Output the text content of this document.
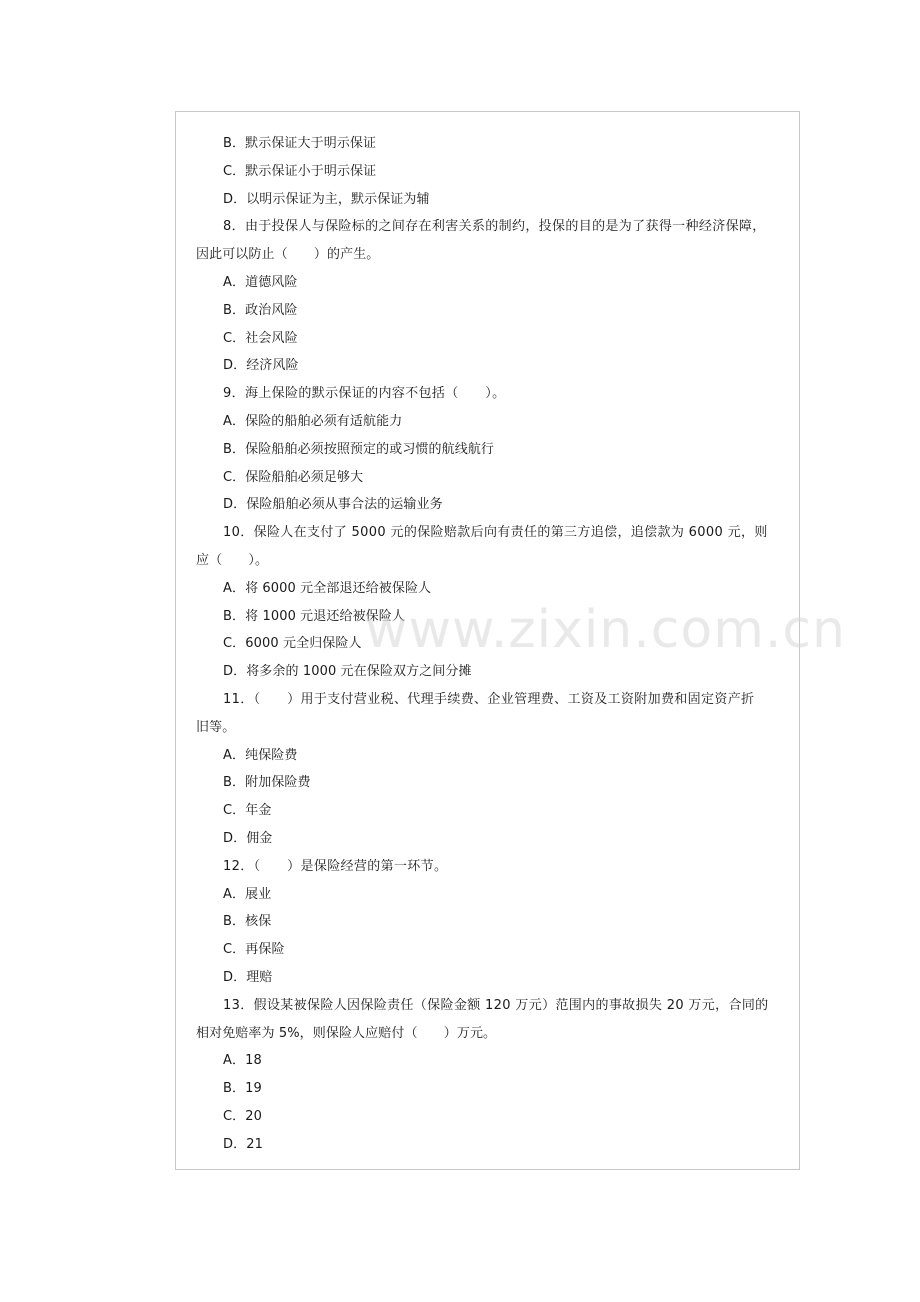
B．默示保证大于明示保证
C．默示保证小于明示保证
D．以明示保证为主，默示保证为辅
8．由于投保人与保险标的之间存在利害关系的制约，投保的目的是为了获得一种经济保障，
因此可以防止（　　）的产生。
A．道德风险
B．政治风险
C．社会风险
D．经济风险
9．海上保险的默示保证的内容不包括（　　）。
A．保险的船舶必须有适航能力
B．保险船舶必须按照预定的或习惯的航线航行
C．保险船舶必须足够大
D．保险船舶必须从事合法的运输业务
10．保险人在支付了 5000 元的保险赔款后向有责任的第三方追偿，追偿款为 6000 元，则
应（　　）。
A．将 6000 元全部退还给被保险人
B．将 1000 元退还给被保险人
C．6000 元全归保险人
D．将多余的 1000 元在保险双方之间分摊
11．（　　）用于支付营业税、代理手续费、企业管理费、工资及工资附加费和固定资产折
旧等。
A．纯保险费
B．附加保险费
C．年金
D．佣金
12．（　　）是保险经营的第一环节。
A．展业
B．核保
C．再保险
D．理赔
13．假设某被保险人因保险责任（保险金额 120 万元）范围内的事故损失 20 万元，合同的
相对免赔率为 5%，则保险人应赔付（　　）万元。
A．18
B．19
C．20
D．21
www.zixin.com.cn
